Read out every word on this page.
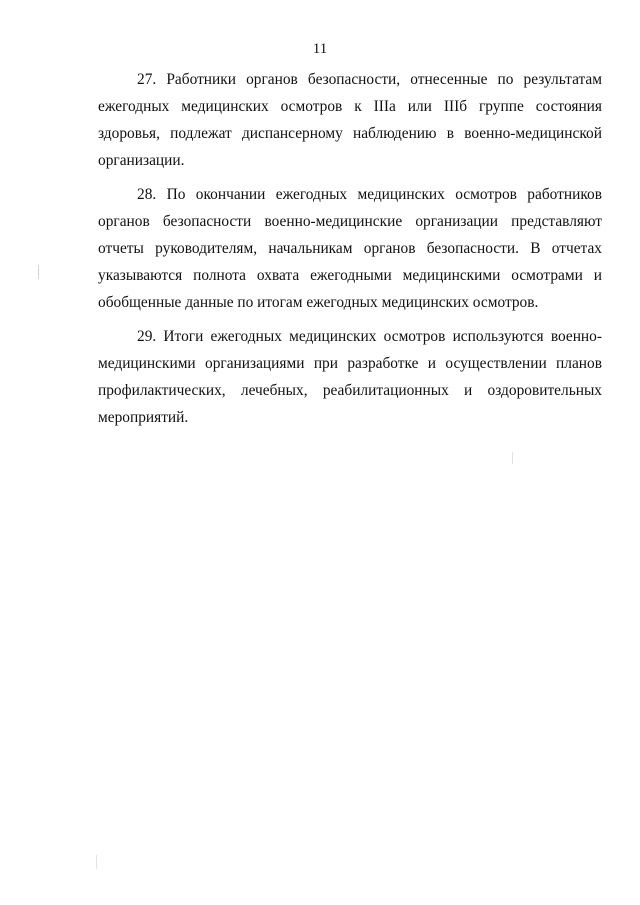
11

27. Работники органов безопасности, отнесенные по результатам ежегодных медицинских осмотров к IIIа или IIIб группе состояния здоровья, подлежат диспансерному наблюдению в военно-медицинской организации.

28. По окончании ежегодных медицинских осмотров работников органов безопасности военно-медицинские организации представляют отчеты руководителям, начальникам органов безопасности. В отчетах указываются полнота охвата ежегодными медицинскими осмотрами и обобщенные данные по итогам ежегодных медицинских осмотров.

29. Итоги ежегодных медицинских осмотров используются военно-медицинскими организациями при разработке и осуществлении планов профилактических, лечебных, реабилитационных и оздоровительных мероприятий.
